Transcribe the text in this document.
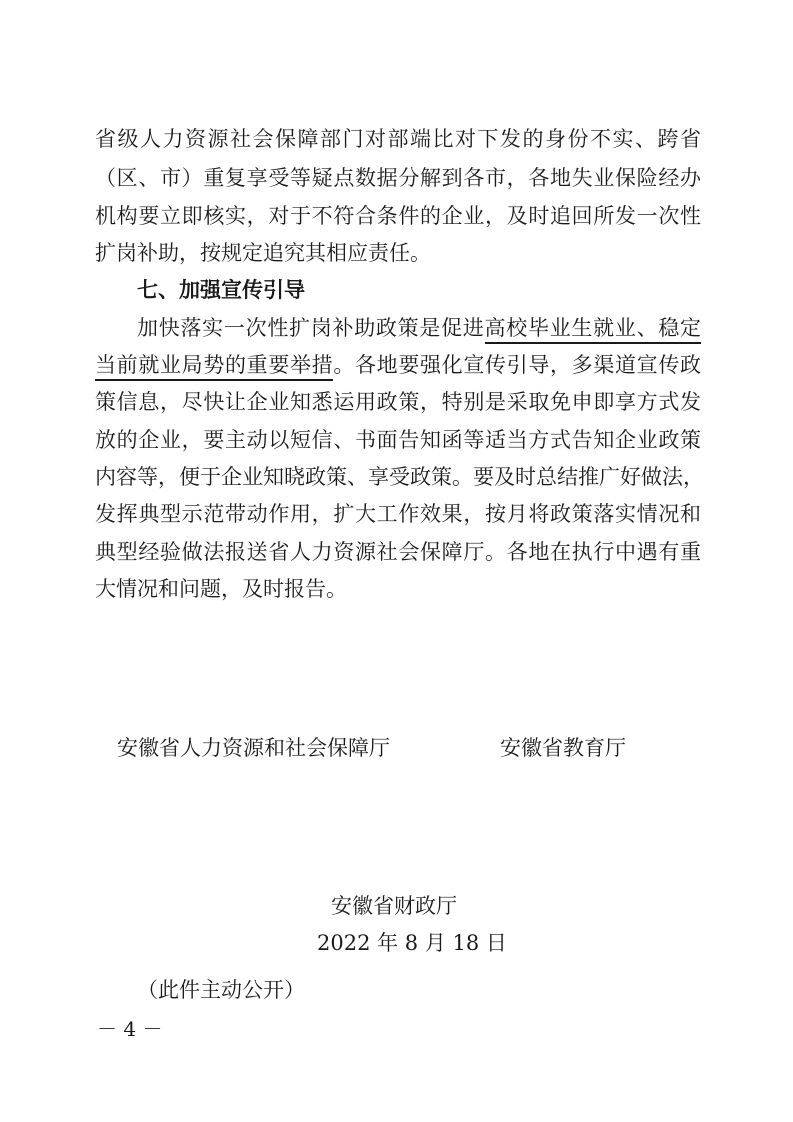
省级人力资源社会保障部门对部端比对下发的身份不实、跨省
（区、市）重复享受等疑点数据分解到各市，各地失业保险经办
机构要立即核实，对于不符合条件的企业，及时追回所发一次性
扩岗补助，按规定追究其相应责任。
七、加强宣传引导
加快落实一次性扩岗补助政策是促进高校毕业生就业、稳定
当前就业局势的重要举措。各地要强化宣传引导，多渠道宣传政
策信息，尽快让企业知悉运用政策，特别是采取免申即享方式发
放的企业，要主动以短信、书面告知函等适当方式告知企业政策
内容等，便于企业知晓政策、享受政策。要及时总结推广好做法，
发挥典型示范带动作用，扩大工作效果，按月将政策落实情况和
典型经验做法报送省人力资源社会保障厅。各地在执行中遇有重
大情况和问题，及时报告。
安徽省人力资源和社会保障厅	安徽省教育厅
安徽省财政厅
2022 年 8 月 18 日
（此件主动公开）
－ 4 －
